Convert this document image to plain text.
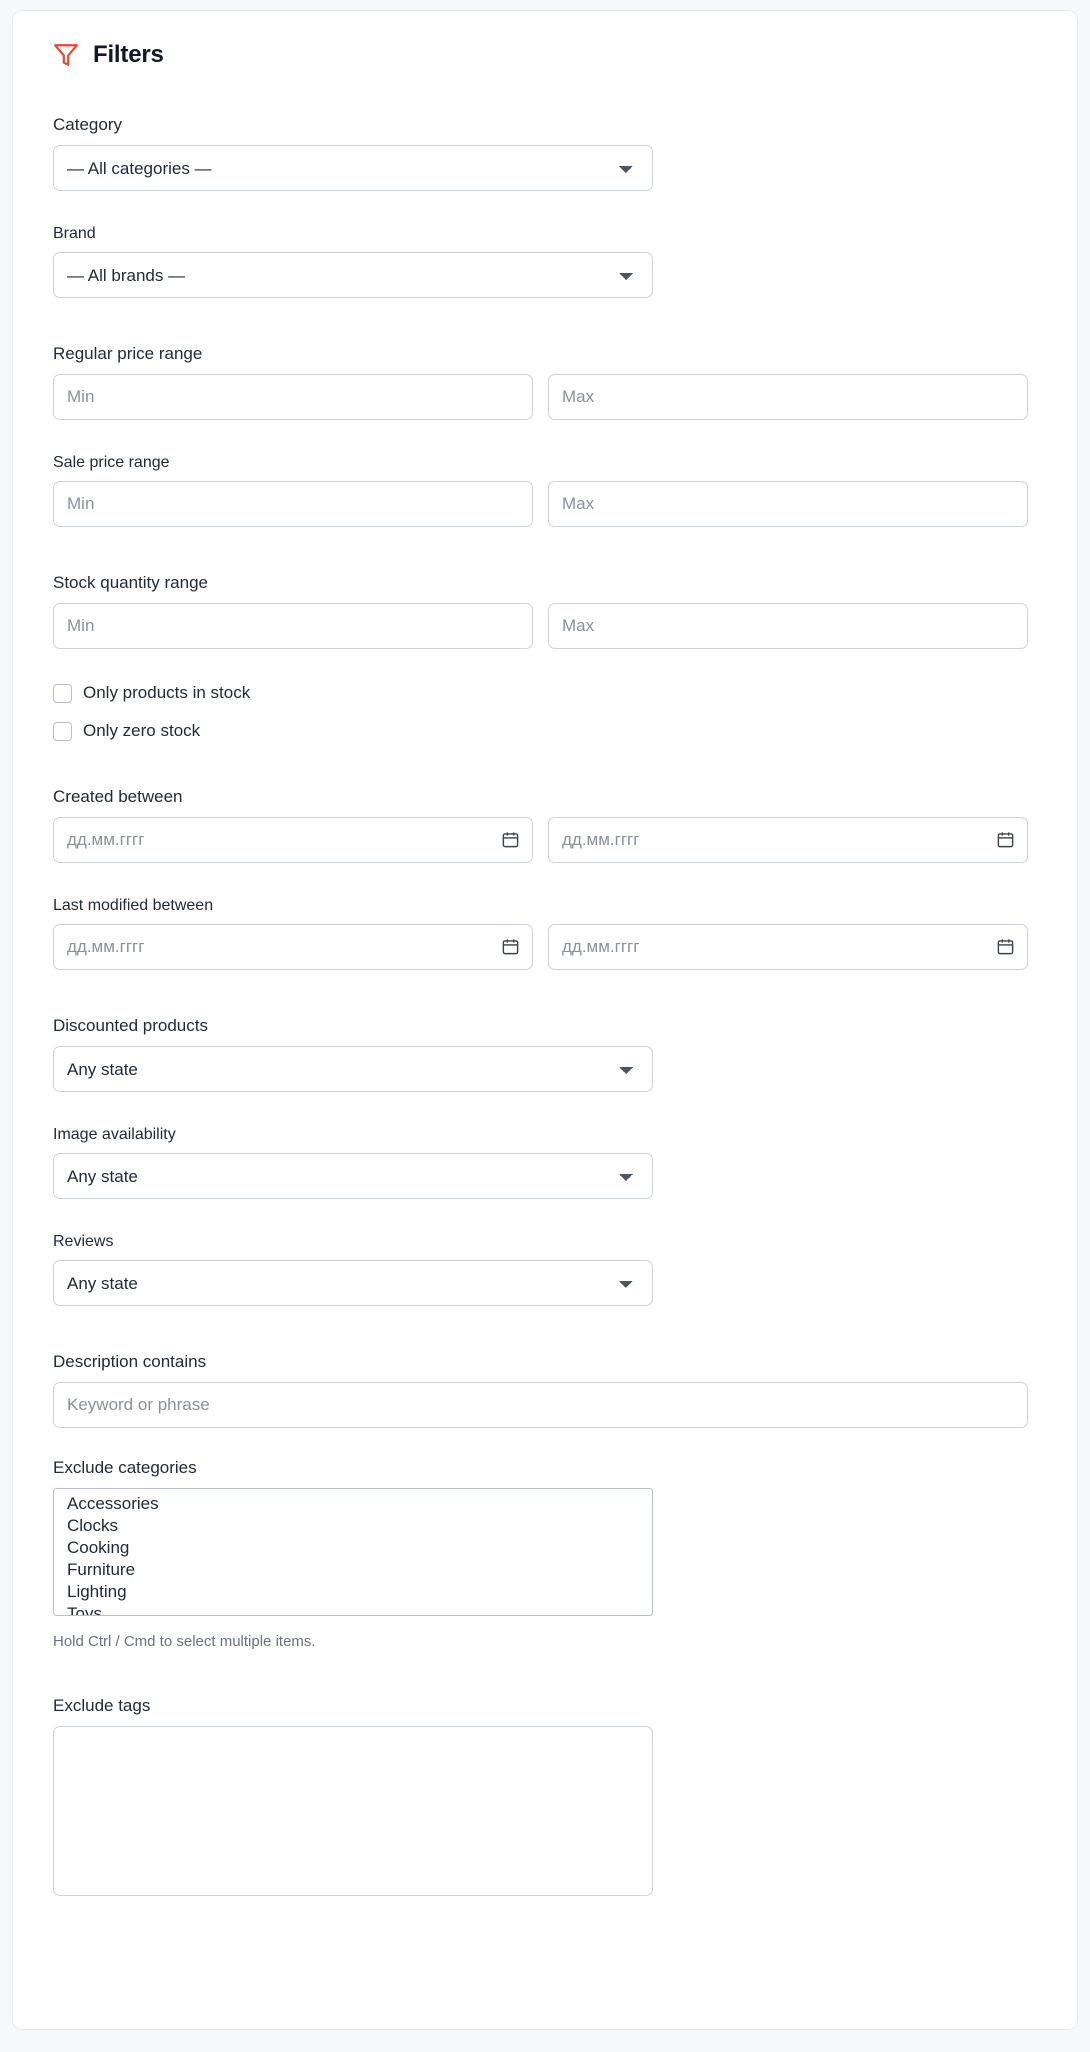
Filters
Category
— All categories —
Brand
— All brands —
Regular price range
Min
Max
Sale price range
Min
Max
Stock quantity range
Min
Max
Only products in stock
Only zero stock
Created between
дд.мм.гггг
дд.мм.гггг
Last modified between
дд.мм.гггг
дд.мм.гггг
Discounted products
Any state
Image availability
Any state
Reviews
Any state
Description contains
Keyword or phrase
Exclude categories
Hold Ctrl / Cmd to select multiple items.
Exclude tags
